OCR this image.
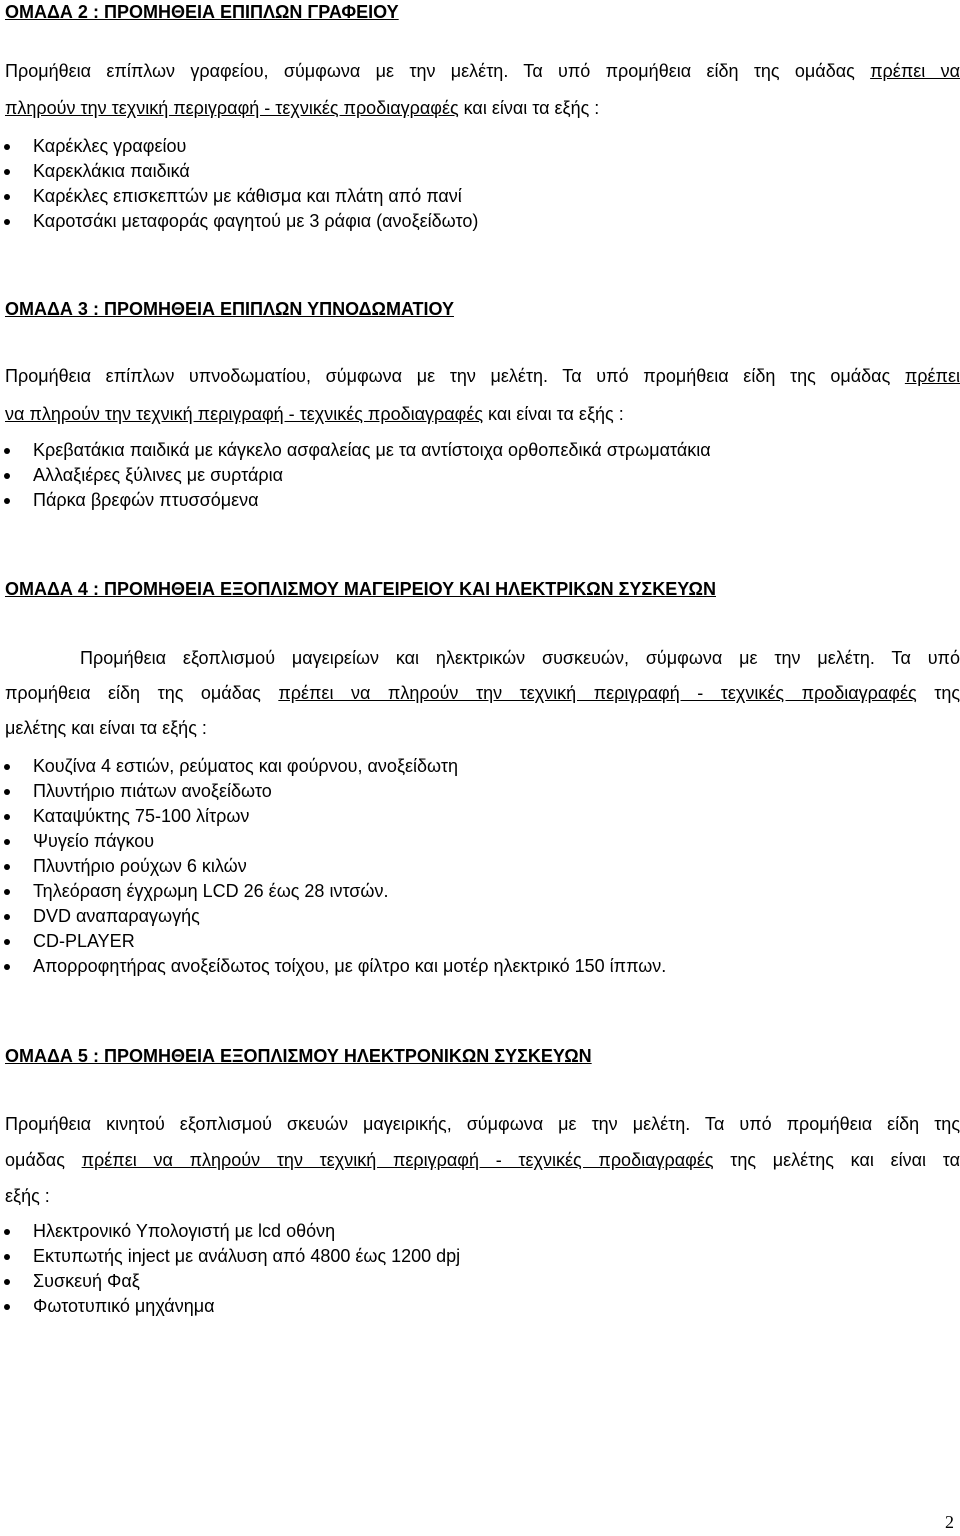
ΟΜΑΔΑ 2 : ΠΡΟΜΗΘΕΙΑ ΕΠΙΠΛΩΝ ΓΡΑΦΕΙΟΥ
Προμήθεια επίπλων γραφείου, σύμφωνα με την μελέτη. Τα υπό προμήθεια είδη της ομάδας πρέπει να
πληρούν την τεχνική περιγραφή - τεχνικές προδιαγραφές και είναι τα εξής :
Καρέκλες γραφείου
Καρεκλάκια παιδικά
Καρέκλες επισκεπτών με κάθισμα και πλάτη από πανί
Καροτσάκι μεταφοράς φαγητού με 3 ράφια (ανοξείδωτο)
ΟΜΑΔΑ 3 : ΠΡΟΜΗΘΕΙΑ ΕΠΙΠΛΩΝ ΥΠΝΟΔΩΜΑΤΙΟΥ
Προμήθεια επίπλων υπνοδωματίου, σύμφωνα με την μελέτη. Τα υπό προμήθεια είδη της ομάδας πρέπει
να πληρούν την τεχνική περιγραφή - τεχνικές προδιαγραφές και είναι τα εξής :
Κρεβατάκια παιδικά με κάγκελο ασφαλείας με τα αντίστοιχα ορθοπεδικά στρωματάκια
Αλλαξιέρες ξύλινες με συρτάρια
Πάρκα βρεφών πτυσσόμενα
ΟΜΑΔΑ 4 : ΠΡΟΜΗΘΕΙΑ ΕΞΟΠΛΙΣΜΟΥ ΜΑΓΕΙΡΕΙΟΥ ΚΑΙ ΗΛΕΚΤΡΙΚΩΝ ΣΥΣΚΕΥΩΝ
Προμήθεια εξοπλισμού μαγειρείων και ηλεκτρικών συσκευών, σύμφωνα με την μελέτη. Τα υπό
προμήθεια είδη της ομάδας πρέπει να πληρούν την τεχνική περιγραφή - τεχνικές προδιαγραφές της
μελέτης και είναι τα εξής :
Κουζίνα 4 εστιών, ρεύματος και φούρνου, ανοξείδωτη
Πλυντήριο πιάτων ανοξείδωτο
Καταψύκτης 75-100 λίτρων
Ψυγείο πάγκου
Πλυντήριο ρούχων 6 κιλών
Τηλεόραση έγχρωμη LCD 26 έως 28 ιντσών.
DVD αναπαραγωγής
CD-PLAYER
Απορροφητήρας ανοξείδωτος τοίχου, με φίλτρο και μοτέρ ηλεκτρικό 150 ίππων.
ΟΜΑΔΑ 5 : ΠΡΟΜΗΘΕΙΑ ΕΞΟΠΛΙΣΜΟΥ ΗΛΕΚΤΡΟΝΙΚΩΝ ΣΥΣΚΕΥΩΝ
Προμήθεια κινητού εξοπλισμού σκευών μαγειρικής, σύμφωνα με την μελέτη. Τα υπό προμήθεια είδη της
ομάδας πρέπει να πληρούν την τεχνική περιγραφή - τεχνικές προδιαγραφές της μελέτης και είναι τα
εξής :
Ηλεκτρονικό Υπολογιστή με lcd οθόνη
Εκτυπωτής inject με ανάλυση από 4800 έως 1200 dpj
Συσκευή Φαξ
Φωτοτυπικό μηχάνημα
2
